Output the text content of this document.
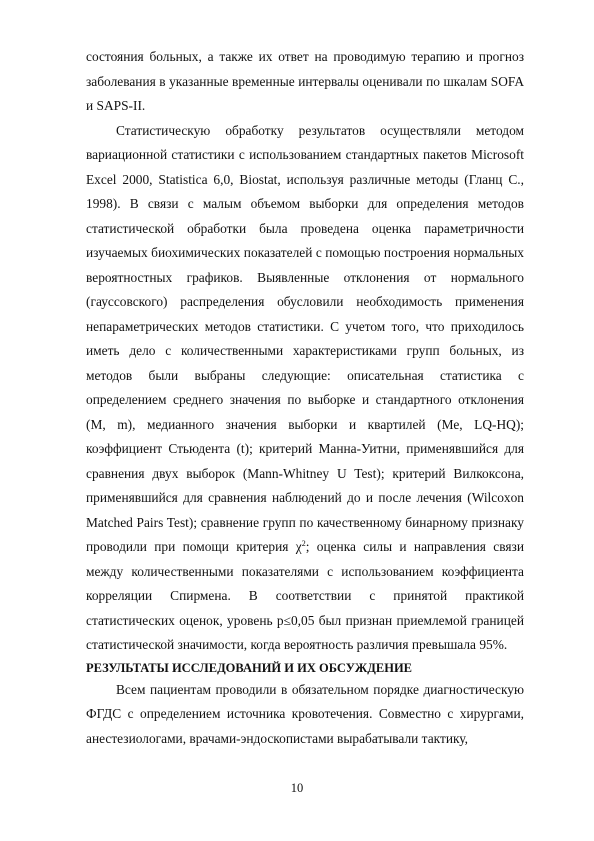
состояния больных, а также их ответ на проводимую терапию и прогноз заболевания в указанные временные интервалы оценивали по шкалам SOFA и SAPS-II.

Статистическую обработку результатов осуществляли методом вариационной статистики с использованием стандартных пакетов Microsoft Excel 2000, Statistica 6,0, Biostat, используя различные методы (Гланц С., 1998). В связи с малым объемом выборки для определения методов статистической обработки была проведена оценка параметричности изучаемых биохимических показателей с помощью построения нормальных вероятностных графиков. Выявленные отклонения от нормального (гауссовского) распределения обусловили необходимость применения непараметрических методов статистики. С учетом того, что приходилось иметь дело с количественными характеристиками групп больных, из методов были выбраны следующие: описательная статистика с определением среднего значения по выборке и стандартного отклонения (М, m), медианного значения выборки и квартилей (Ме, LQ-HQ); коэффициент Стьюдента (t); критерий Манна-Уитни, применявшийся для сравнения двух выборок (Mann-Whitney U Test); критерий Вилкоксона, применявшийся для сравнения наблюдений до и после лечения (Wilcoxon Matched Pairs Test); сравнение групп по качественному бинарному признаку проводили при помощи критерия $\chi^2$; оценка силы и направления связи между количественными показателями с использованием коэффициента корреляции Спирмена. В соответствии с принятой практикой статистических оценок, уровень p≤0,05 был признан приемлемой границей статистической значимости, когда вероятность различия превышала 95%.

РЕЗУЛЬТАТЫ ИССЛЕДОВАНИЙ И ИХ ОБСУЖДЕНИЕ

Всем пациентам проводили в обязательном порядке диагностическую ФГДС с определением источника кровотечения. Совместно с хирургами, анестезиологами, врачами-эндоскопистами вырабатывали тактику,

10
